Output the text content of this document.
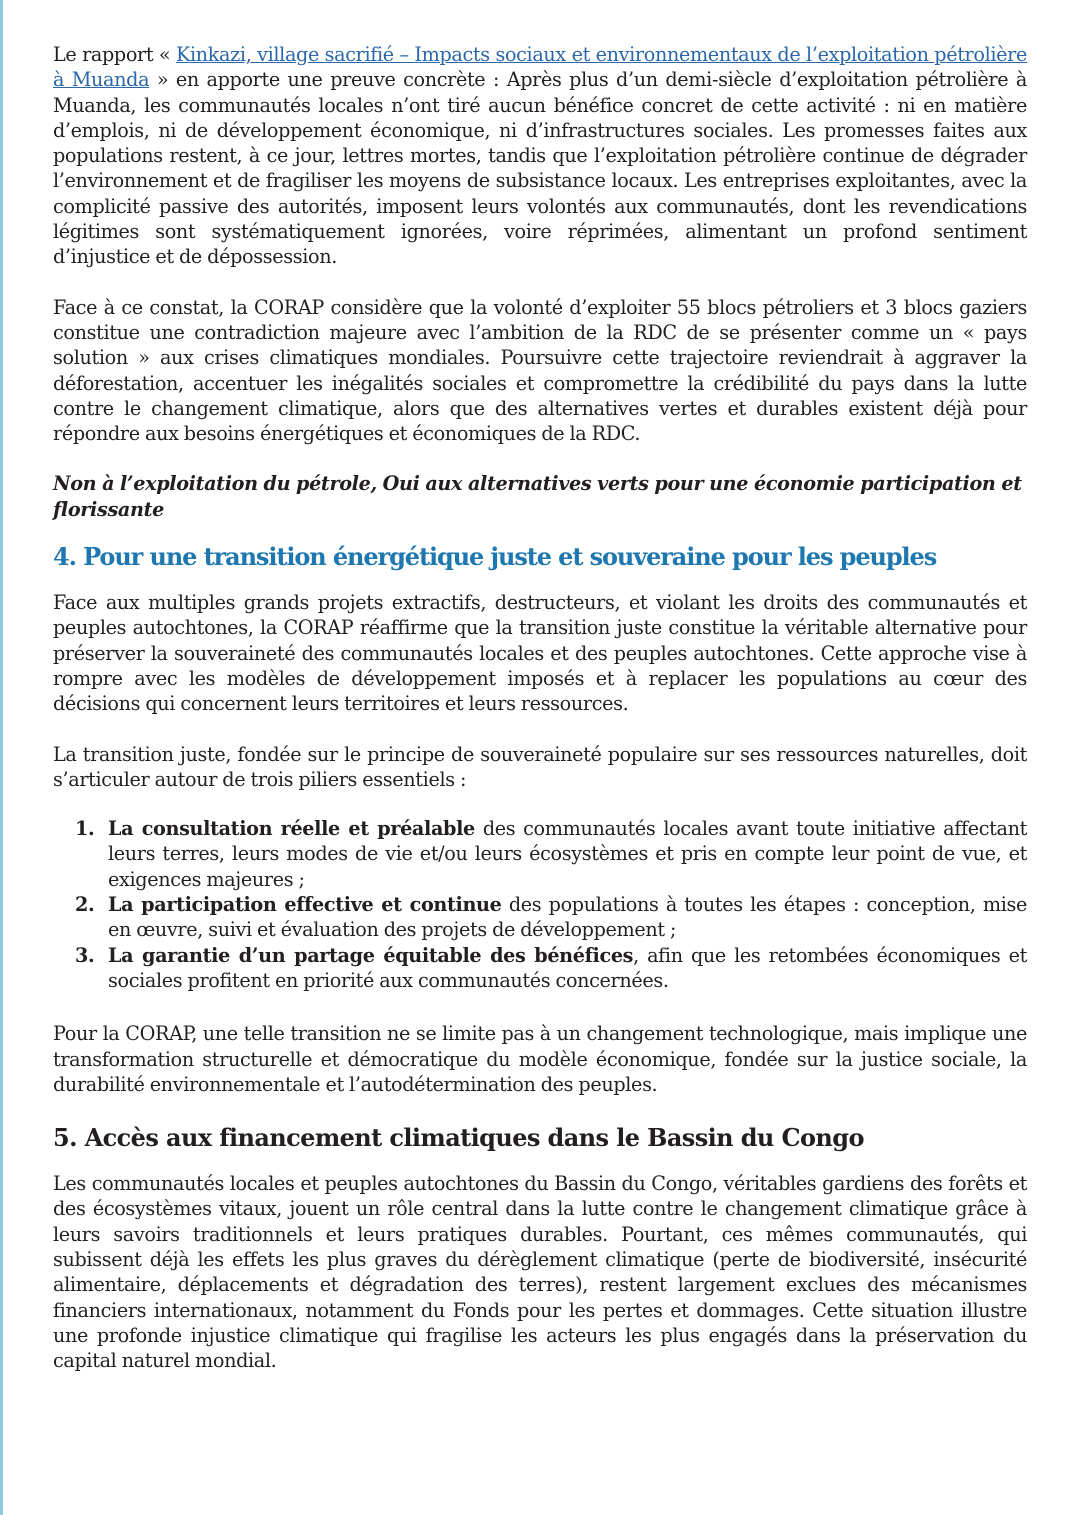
Le rapport « Kinkazi, village sacrifié – Impacts sociaux et environnementaux de l’exploitation pétrolière à Muanda » en apporte une preuve concrète : Après plus d’un demi-siècle d’exploitation pétrolière à Muanda, les communautés locales n’ont tiré aucun bénéfice concret de cette activité : ni en matière d’emplois, ni de développement économique, ni d’infrastructures sociales. Les promesses faites aux populations restent, à ce jour, lettres mortes, tandis que l’exploitation pétrolière continue de dégrader l’environnement et de fragiliser les moyens de subsistance locaux. Les entreprises exploitantes, avec la complicité passive des autorités, imposent leurs volontés aux communautés, dont les revendications légitimes sont systématiquement ignorées, voire réprimées, alimentant un profond sentiment d’injustice et de dépossession.

Face à ce constat, la CORAP considère que la volonté d’exploiter 55 blocs pétroliers et 3 blocs gaziers constitue une contradiction majeure avec l’ambition de la RDC de se présenter comme un « pays solution » aux crises climatiques mondiales. Poursuivre cette trajectoire reviendrait à aggraver la déforestation, accentuer les inégalités sociales et compromettre la crédibilité du pays dans la lutte contre le changement climatique, alors que des alternatives vertes et durables existent déjà pour répondre aux besoins énergétiques et économiques de la RDC.

Non à l’exploitation du pétrole, Oui aux alternatives verts pour une économie participation et florissante

4. Pour une transition énergétique juste et souveraine pour les peuples

Face aux multiples grands projets extractifs, destructeurs, et violant les droits des communautés et peuples autochtones, la CORAP réaffirme que la transition juste constitue la véritable alternative pour préserver la souveraineté des communautés locales et des peuples autochtones. Cette approche vise à rompre avec les modèles de développement imposés et à replacer les populations au cœur des décisions qui concernent leurs territoires et leurs ressources.

La transition juste, fondée sur le principe de souveraineté populaire sur ses ressources naturelles, doit s’articuler autour de trois piliers essentiels :

1. La consultation réelle et préalable des communautés locales avant toute initiative affectant leurs terres, leurs modes de vie et/ou leurs écosystèmes et pris en compte leur point de vue, et exigences majeures ;
2. La participation effective et continue des populations à toutes les étapes : conception, mise en œuvre, suivi et évaluation des projets de développement ;
3. La garantie d’un partage équitable des bénéfices, afin que les retombées économiques et sociales profitent en priorité aux communautés concernées.

Pour la CORAP, une telle transition ne se limite pas à un changement technologique, mais implique une transformation structurelle et démocratique du modèle économique, fondée sur la justice sociale, la durabilité environnementale et l’autodétermination des peuples.

5. Accès aux financement climatiques dans le Bassin du Congo

Les communautés locales et peuples autochtones du Bassin du Congo, véritables gardiens des forêts et des écosystèmes vitaux, jouent un rôle central dans la lutte contre le changement climatique grâce à leurs savoirs traditionnels et leurs pratiques durables. Pourtant, ces mêmes communautés, qui subissent déjà les effets les plus graves du dérèglement climatique (perte de biodiversité, insécurité alimentaire, déplacements et dégradation des terres), restent largement exclues des mécanismes financiers internationaux, notamment du Fonds pour les pertes et dommages. Cette situation illustre une profonde injustice climatique qui fragilise les acteurs les plus engagés dans la préservation du capital naturel mondial.
